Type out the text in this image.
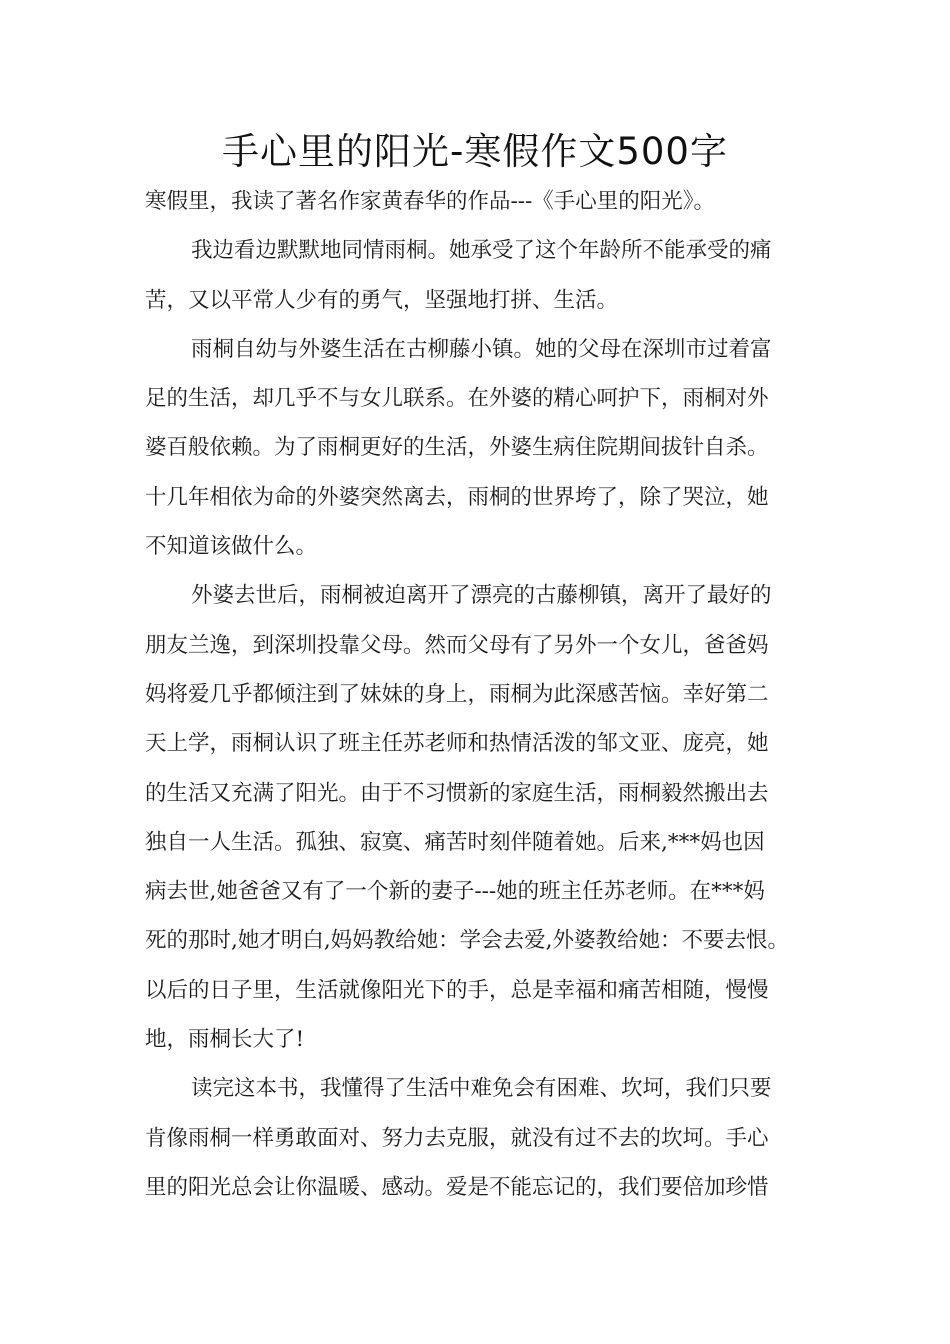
手心里的阳光-寒假作文500字
寒假里，我读了著名作家黄春华的作品---《手心里的阳光》。
我边看边默默地同情雨桐。她承受了这个年龄所不能承受的痛
苦，又以平常人少有的勇气，坚强地打拼、生活。
雨桐自幼与外婆生活在古柳藤小镇。她的父母在深圳市过着富
足的生活，却几乎不与女儿联系。在外婆的精心呵护下，雨桐对外
婆百般依赖。为了雨桐更好的生活，外婆生病住院期间拔针自杀。
十几年相依为命的外婆突然离去，雨桐的世界垮了，除了哭泣，她
不知道该做什么。
外婆去世后，雨桐被迫离开了漂亮的古藤柳镇，离开了最好的
朋友兰逸，到深圳投靠父母。然而父母有了另外一个女儿，爸爸妈
妈将爱几乎都倾注到了妹妹的身上，雨桐为此深感苦恼。幸好第二
天上学，雨桐认识了班主任苏老师和热情活泼的邹文亚、庞亮，她
的生活又充满了阳光。由于不习惯新的家庭生活，雨桐毅然搬出去
独自一人生活。孤独、寂寞、痛苦时刻伴随着她。后来,***妈也因
病去世,她爸爸又有了一个新的妻子---她的班主任苏老师。在***妈
死的那时,她才明白,妈妈教给她：学会去爱,外婆教给她：不要去恨。
以后的日子里，生活就像阳光下的手，总是幸福和痛苦相随，慢慢
地，雨桐长大了!
读完这本书，我懂得了生活中难免会有困难、坎坷，我们只要
肯像雨桐一样勇敢面对、努力去克服，就没有过不去的坎坷。手心
里的阳光总会让你温暖、感动。爱是不能忘记的，我们要倍加珍惜
